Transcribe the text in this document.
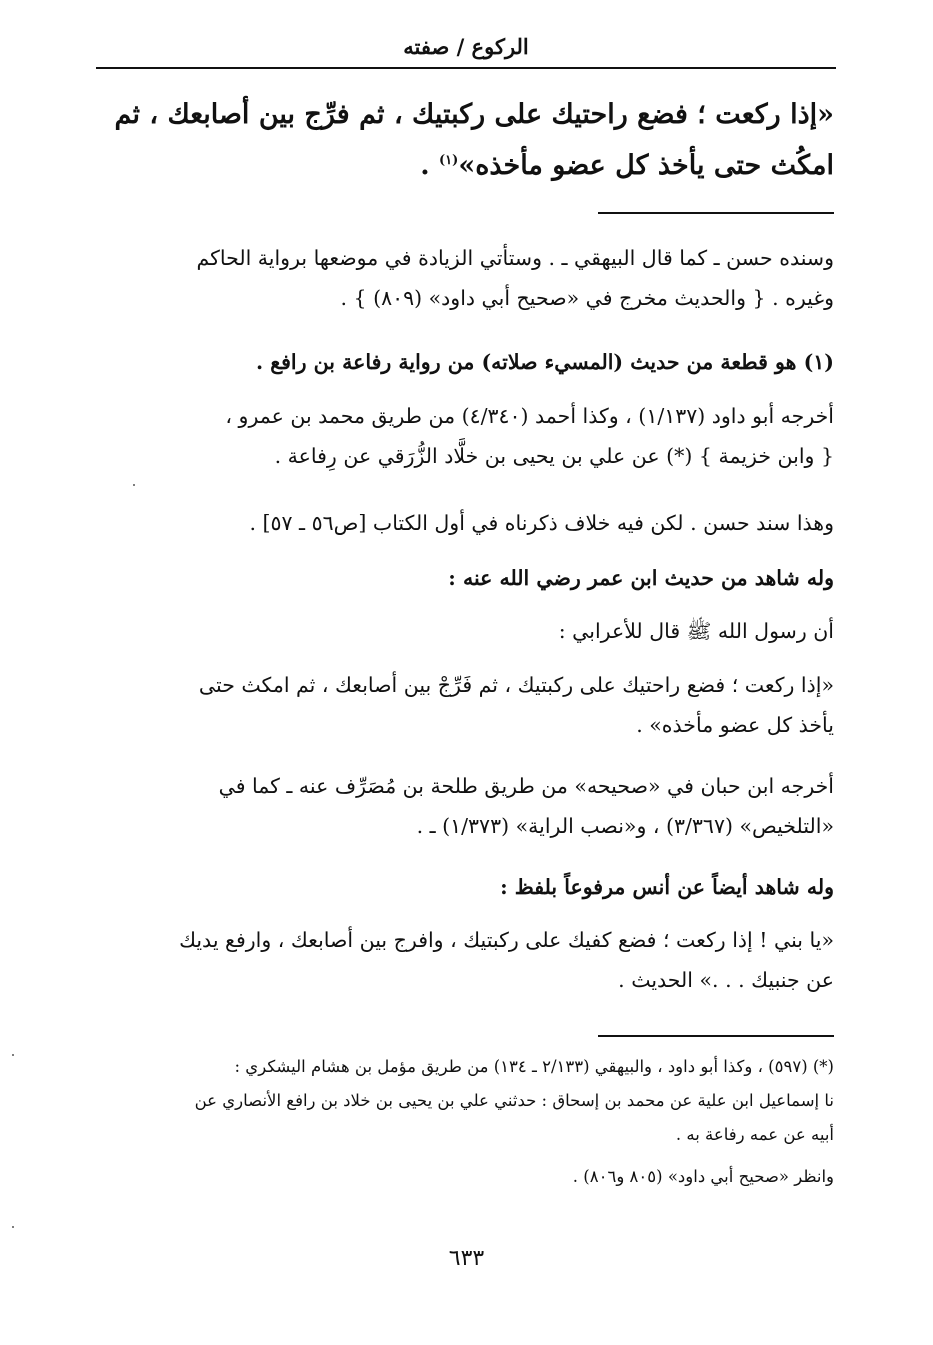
الركوع / صفته
«إذا ركعت ؛ فضع راحتيك على ركبتيك ، ثم فرِّج بين أصابعك ، ثم
امكُث حتى يأخذ كل عضو مأخذه»$^{(١)}$ .
وسنده حسن ـ كما قال البيهقي ـ . وستأتي الزيادة في موضعها برواية الحاكم
وغيره . { والحديث مخرج في «صحيح أبي داود» (٨٠٩) } .
(١) هو قطعة من حديث (المسيء صلاته) من رواية رفاعة بن رافع .
أخرجه أبو داود (١/١٣٧) ، وكذا أحمد (٤/٣٤٠) من طريق محمد بن عمرو ،
{ وابن خزيمة } (*) عن علي بن يحيى بن خلَّاد الزُّرَقي عن رِفاعة .
وهذا سند حسن . لكن فيه خلاف ذكرناه في أول الكتاب [ص٥٦ ـ ٥٧] .
وله شاهد من حديث ابن عمر رضي الله عنه :
أن رسول الله ﷺ قال للأعرابي :
«إذا ركعت ؛ فضع راحتيك على ركبتيك ، ثم فَرِّجْ بين أصابعك ، ثم امكث حتى
يأخذ كل عضو مأخذه» .
أخرجه ابن حبان في «صحيحه» من طريق طلحة بن مُصَرِّف عنه ـ كما في
«التلخيص» (٣/٣٦٧) ، و«نصب الراية» (١/٣٧٣) ـ .
وله شاهد أيضاً عن أنس مرفوعاً بلفظ :
«يا بني ! إذا ركعت ؛ فضع كفيك على ركبتيك ، وافرج بين أصابعك ، وارفع يديك
عن جنبيك . . .» الحديث .
(*) (٥٩٧) ، وكذا أبو داود ، والبيهقي (٢/١٣٣ ـ ١٣٤) من طريق مؤمل بن هشام اليشكري :
نا إسماعيل ابن علية عن محمد بن إسحاق : حدثني علي بن يحيى بن خلاد بن رافع الأنصاري عن
أبيه عن عمه رفاعة به .
وانظر «صحيح أبي داود» (٨٠٥ و٨٠٦) .
٦٣٣
